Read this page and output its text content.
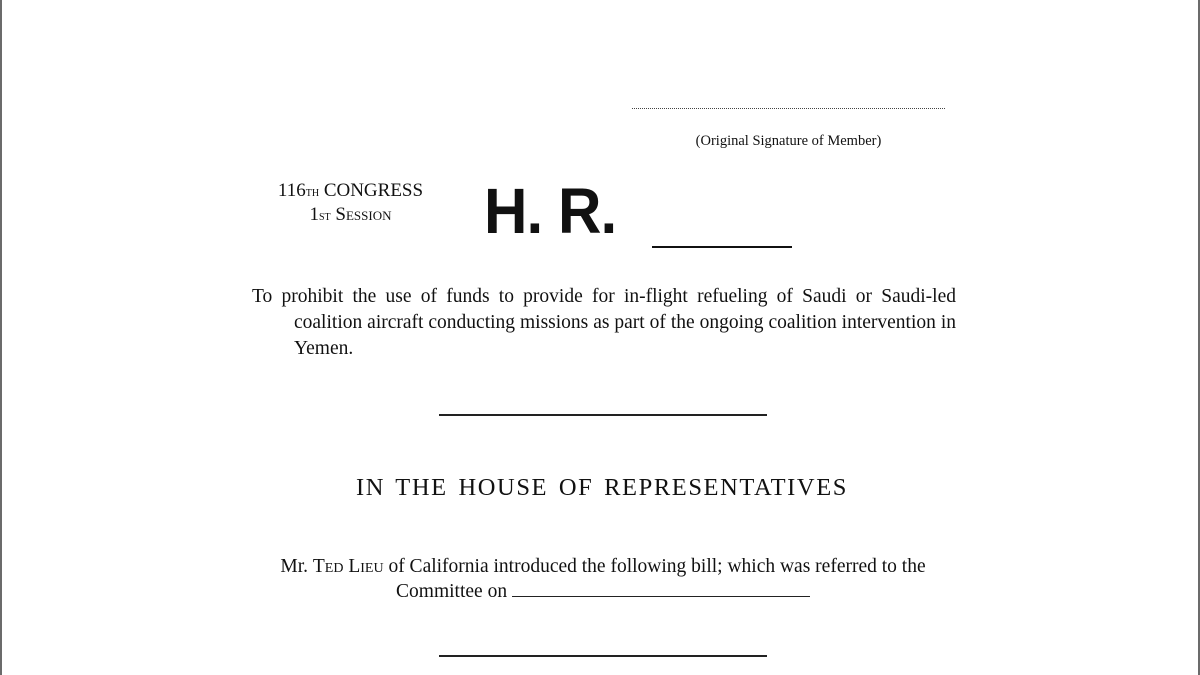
(Original Signature of Member)
116th CONGRESS
1st Session	H. R.
To prohibit the use of funds to provide for in-flight refueling of Saudi or Saudi-led coalition aircraft conducting missions as part of the ongoing coalition intervention in Yemen.
IN THE HOUSE OF REPRESENTATIVES
Mr. Ted Lieu of California introduced the following bill; which was referred to the Committee on
